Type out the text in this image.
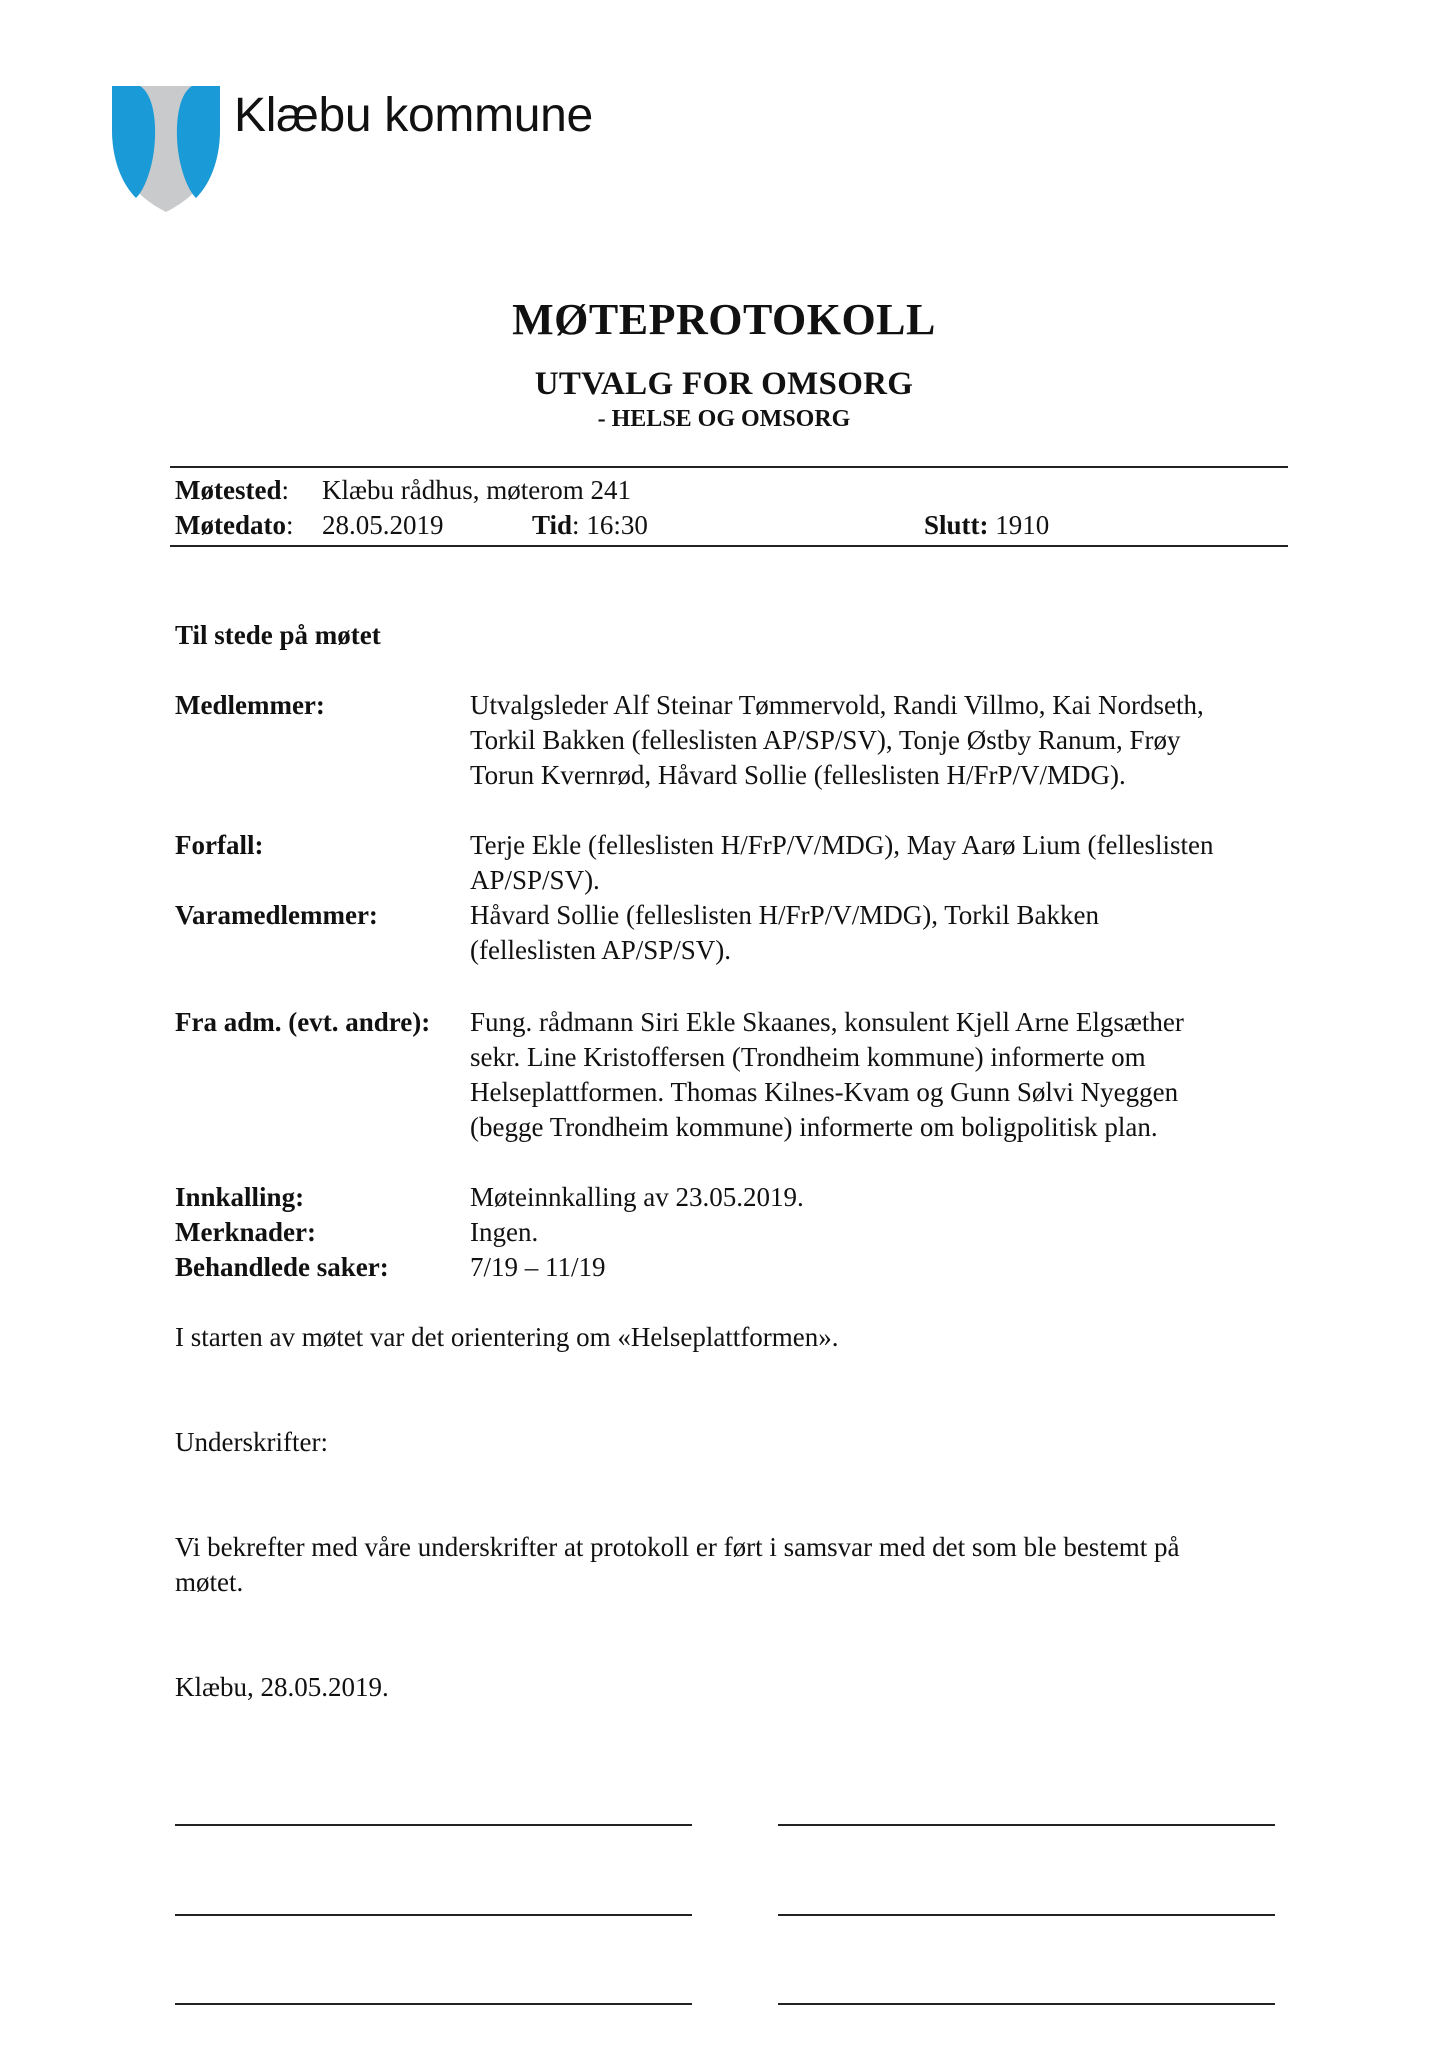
Klæbu kommune
MØTEPROTOKOLL
UTVALG FOR OMSORG
- HELSE OG OMSORG
Møtested: Klæbu rådhus, møterom 241
Møtedato: 28.05.2019	Tid: 16:30	Slutt: 1910
Til stede på møtet
Medlemmer:	Utvalgsleder Alf Steinar Tømmervold, Randi Villmo, Kai Nordseth,
Torkil Bakken (felleslisten AP/SP/SV), Tonje Østby Ranum, Frøy
Torun Kvernrød, Håvard Sollie (felleslisten H/FrP/V/MDG).
Forfall:	Terje Ekle (felleslisten H/FrP/V/MDG), May Aarø Lium (felleslisten
AP/SP/SV).
Varamedlemmer:	Håvard Sollie (felleslisten H/FrP/V/MDG), Torkil Bakken
(felleslisten AP/SP/SV).
Fra adm. (evt. andre): Fung. rådmann Siri Ekle Skaanes, konsulent Kjell Arne Elgsæther
sekr. Line Kristoffersen (Trondheim kommune) informerte om
Helseplattformen. Thomas Kilnes-Kvam og Gunn Sølvi Nyeggen
(begge Trondheim kommune) informerte om boligpolitisk plan.
Innkalling:	Møteinnkalling av 23.05.2019.
Merknader:	Ingen.
Behandlede saker:	7/19 – 11/19
I starten av møtet var det orientering om «Helseplattformen».
Underskrifter:
Vi bekrefter med våre underskrifter at protokoll er ført i samsvar med det som ble bestemt på
møtet.
Klæbu, 28.05.2019.
